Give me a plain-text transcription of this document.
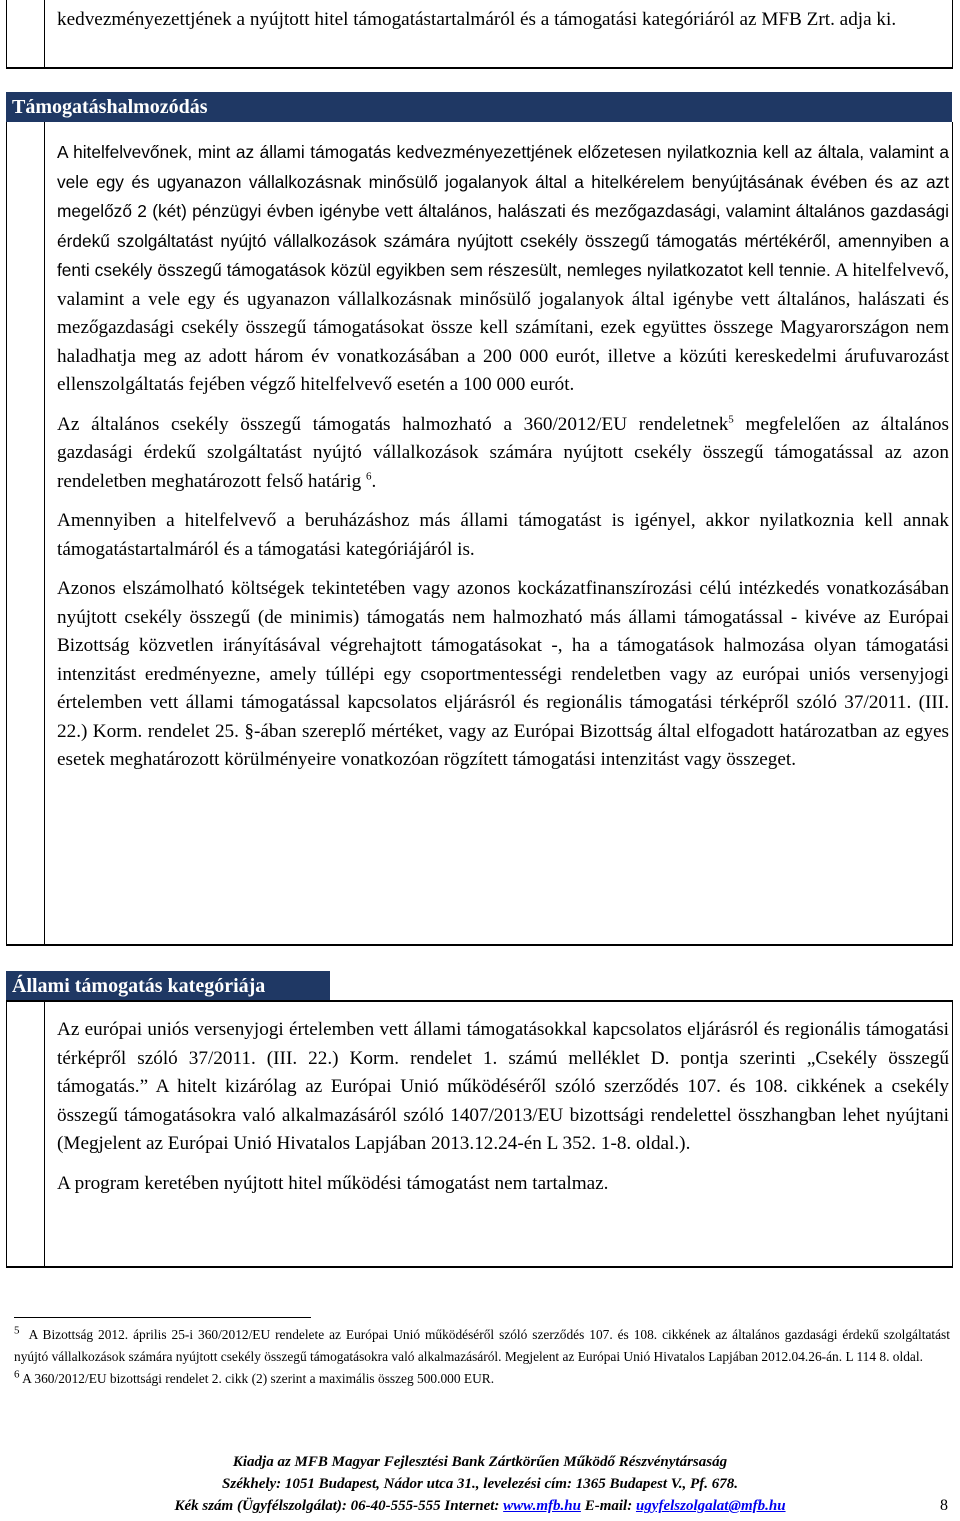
kedvezményezettjének a nyújtott hitel támogatástartalmáról és a támogatási kategóriáról az MFB Zrt. adja ki.

Támogatáshalmozódás

A hitelfelvevőnek, mint az állami támogatás kedvezményezettjének előzetesen nyilatkoznia kell az általa, valamint a vele egy és ugyanazon vállalkozásnak minősülő jogalanyok által a hitelkérelem benyújtásának évében és az azt megelőző 2 (két) pénzügyi évben igénybe vett általános, halászati és mezőgazdasági, valamint általános gazdasági érdekű szolgáltatást nyújtó vállalkozások számára nyújtott csekély összegű támogatás mértékéről, amennyiben a fenti csekély összegű támogatások közül egyikben sem részesült, nemleges nyilatkozatot kell tennie. A hitelfelvevő, valamint a vele egy és ugyanazon vállalkozásnak minősülő jogalanyok által igénybe vett általános, halászati és mezőgazdasági csekély összegű támogatásokat össze kell számítani, ezek együttes összege Magyarországon nem haladhatja meg az adott három év vonatkozásában a 200 000 eurót, illetve a közúti kereskedelmi árufuvarozást ellenszolgáltatás fejében végző hitelfelvevő esetén a 100 000 eurót.

Az általános csekély összegű támogatás halmozható a 360/2012/EU rendeletnek$^5$ megfelelően az általános gazdasági érdekű szolgáltatást nyújtó vállalkozások számára nyújtott csekély összegű támogatással az azon rendeletben meghatározott felső határig $^6$.

Amennyiben a hitelfelvevő a beruházáshoz más állami támogatást is igényel, akkor nyilatkoznia kell annak támogatástartalmáról és a támogatási kategóriájáról is.

Azonos elszámolható költségek tekintetében vagy azonos kockázatfinanszírozási célú intézkedés vonatkozásában nyújtott csekély összegű (de minimis) támogatás nem halmozható más állami támogatással - kivéve az Európai Bizottság közvetlen irányításával végrehajtott támogatásokat -, ha a támogatások halmozása olyan támogatási intenzitást eredményezne, amely túllépi egy csoportmentességi rendeletben vagy az európai uniós versenyjogi értelemben vett állami támogatással kapcsolatos eljárásról és regionális támogatási térképről szóló 37/2011. (III. 22.) Korm. rendelet 25. §-ában szereplő mértéket, vagy az Európai Bizottság által elfogadott határozatban az egyes esetek meghatározott körülményeire vonatkozóan rögzített támogatási intenzitást vagy összeget.

Állami támogatás kategóriája

Az európai uniós versenyjogi értelemben vett állami támogatásokkal kapcsolatos eljárásról és regionális támogatási térképről szóló 37/2011. (III. 22.) Korm. rendelet 1. számú melléklet D. pontja szerinti „Csekély összegű támogatás.” A hitelt kizárólag az Európai Unió működéséről szóló szerződés 107. és 108. cikkének a csekély összegű támogatásokra való alkalmazásáról szóló 1407/2013/EU bizottsági rendelettel összhangban lehet nyújtani (Megjelent az Európai Unió Hivatalos Lapjában 2013.12.24-én L 352. 1-8. oldal.).

A program keretében nyújtott hitel működési támogatást nem tartalmaz.

$^5$ A Bizottság 2012. április 25-i 360/2012/EU rendelete az Európai Unió működéséről szóló szerződés 107. és 108. cikkének az általános gazdasági érdekű szolgáltatást nyújtó vállalkozások számára nyújtott csekély összegű támogatásokra való alkalmazásáról. Megjelent az Európai Unió Hivatalos Lapjában 2012.04.26-án. L 114 8. oldal.

$^6$ A 360/2012/EU bizottsági rendelet 2. cikk (2) szerint a maximális összeg 500.000 EUR.

Kiadja az MFB Magyar Fejlesztési Bank Zártkörűen Működő Részvénytársaság
Székhely: 1051 Budapest, Nádor utca 31., levelezési cím: 1365 Budapest V., Pf. 678.
Kék szám (Ügyfélszolgálat): 06-40-555-555 Internet: www.mfb.hu E-mail: ugyfelszolgalat@mfb.hu	8
